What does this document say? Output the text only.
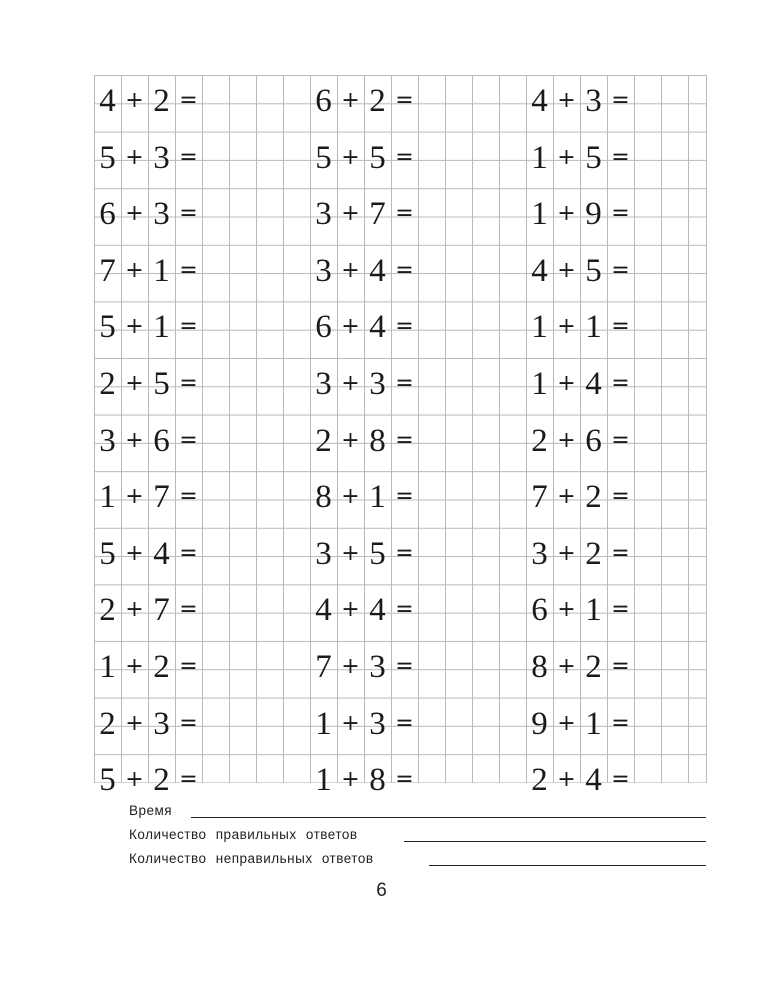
4 + 2 =
5 + 3 =
6 + 3 =
7 + 1 =
5 + 1 =
2 + 5 =
3 + 6 =
1 + 7 =
5 + 4 =
2 + 7 =
1 + 2 =
2 + 3 =
5 + 2 =
6 + 2 =
5 + 5 =
3 + 7 =
3 + 4 =
6 + 4 =
3 + 3 =
2 + 8 =
8 + 1 =
3 + 5 =
4 + 4 =
7 + 3 =
1 + 3 =
1 + 8 =
4 + 3 =
1 + 5 =
1 + 9 =
4 + 5 =
1 + 1 =
1 + 4 =
2 + 6 =
7 + 2 =
3 + 2 =
6 + 1 =
8 + 2 =
9 + 1 =
2 + 4 =
Время
Количество правильных ответов
Количество неправильных ответов
6
